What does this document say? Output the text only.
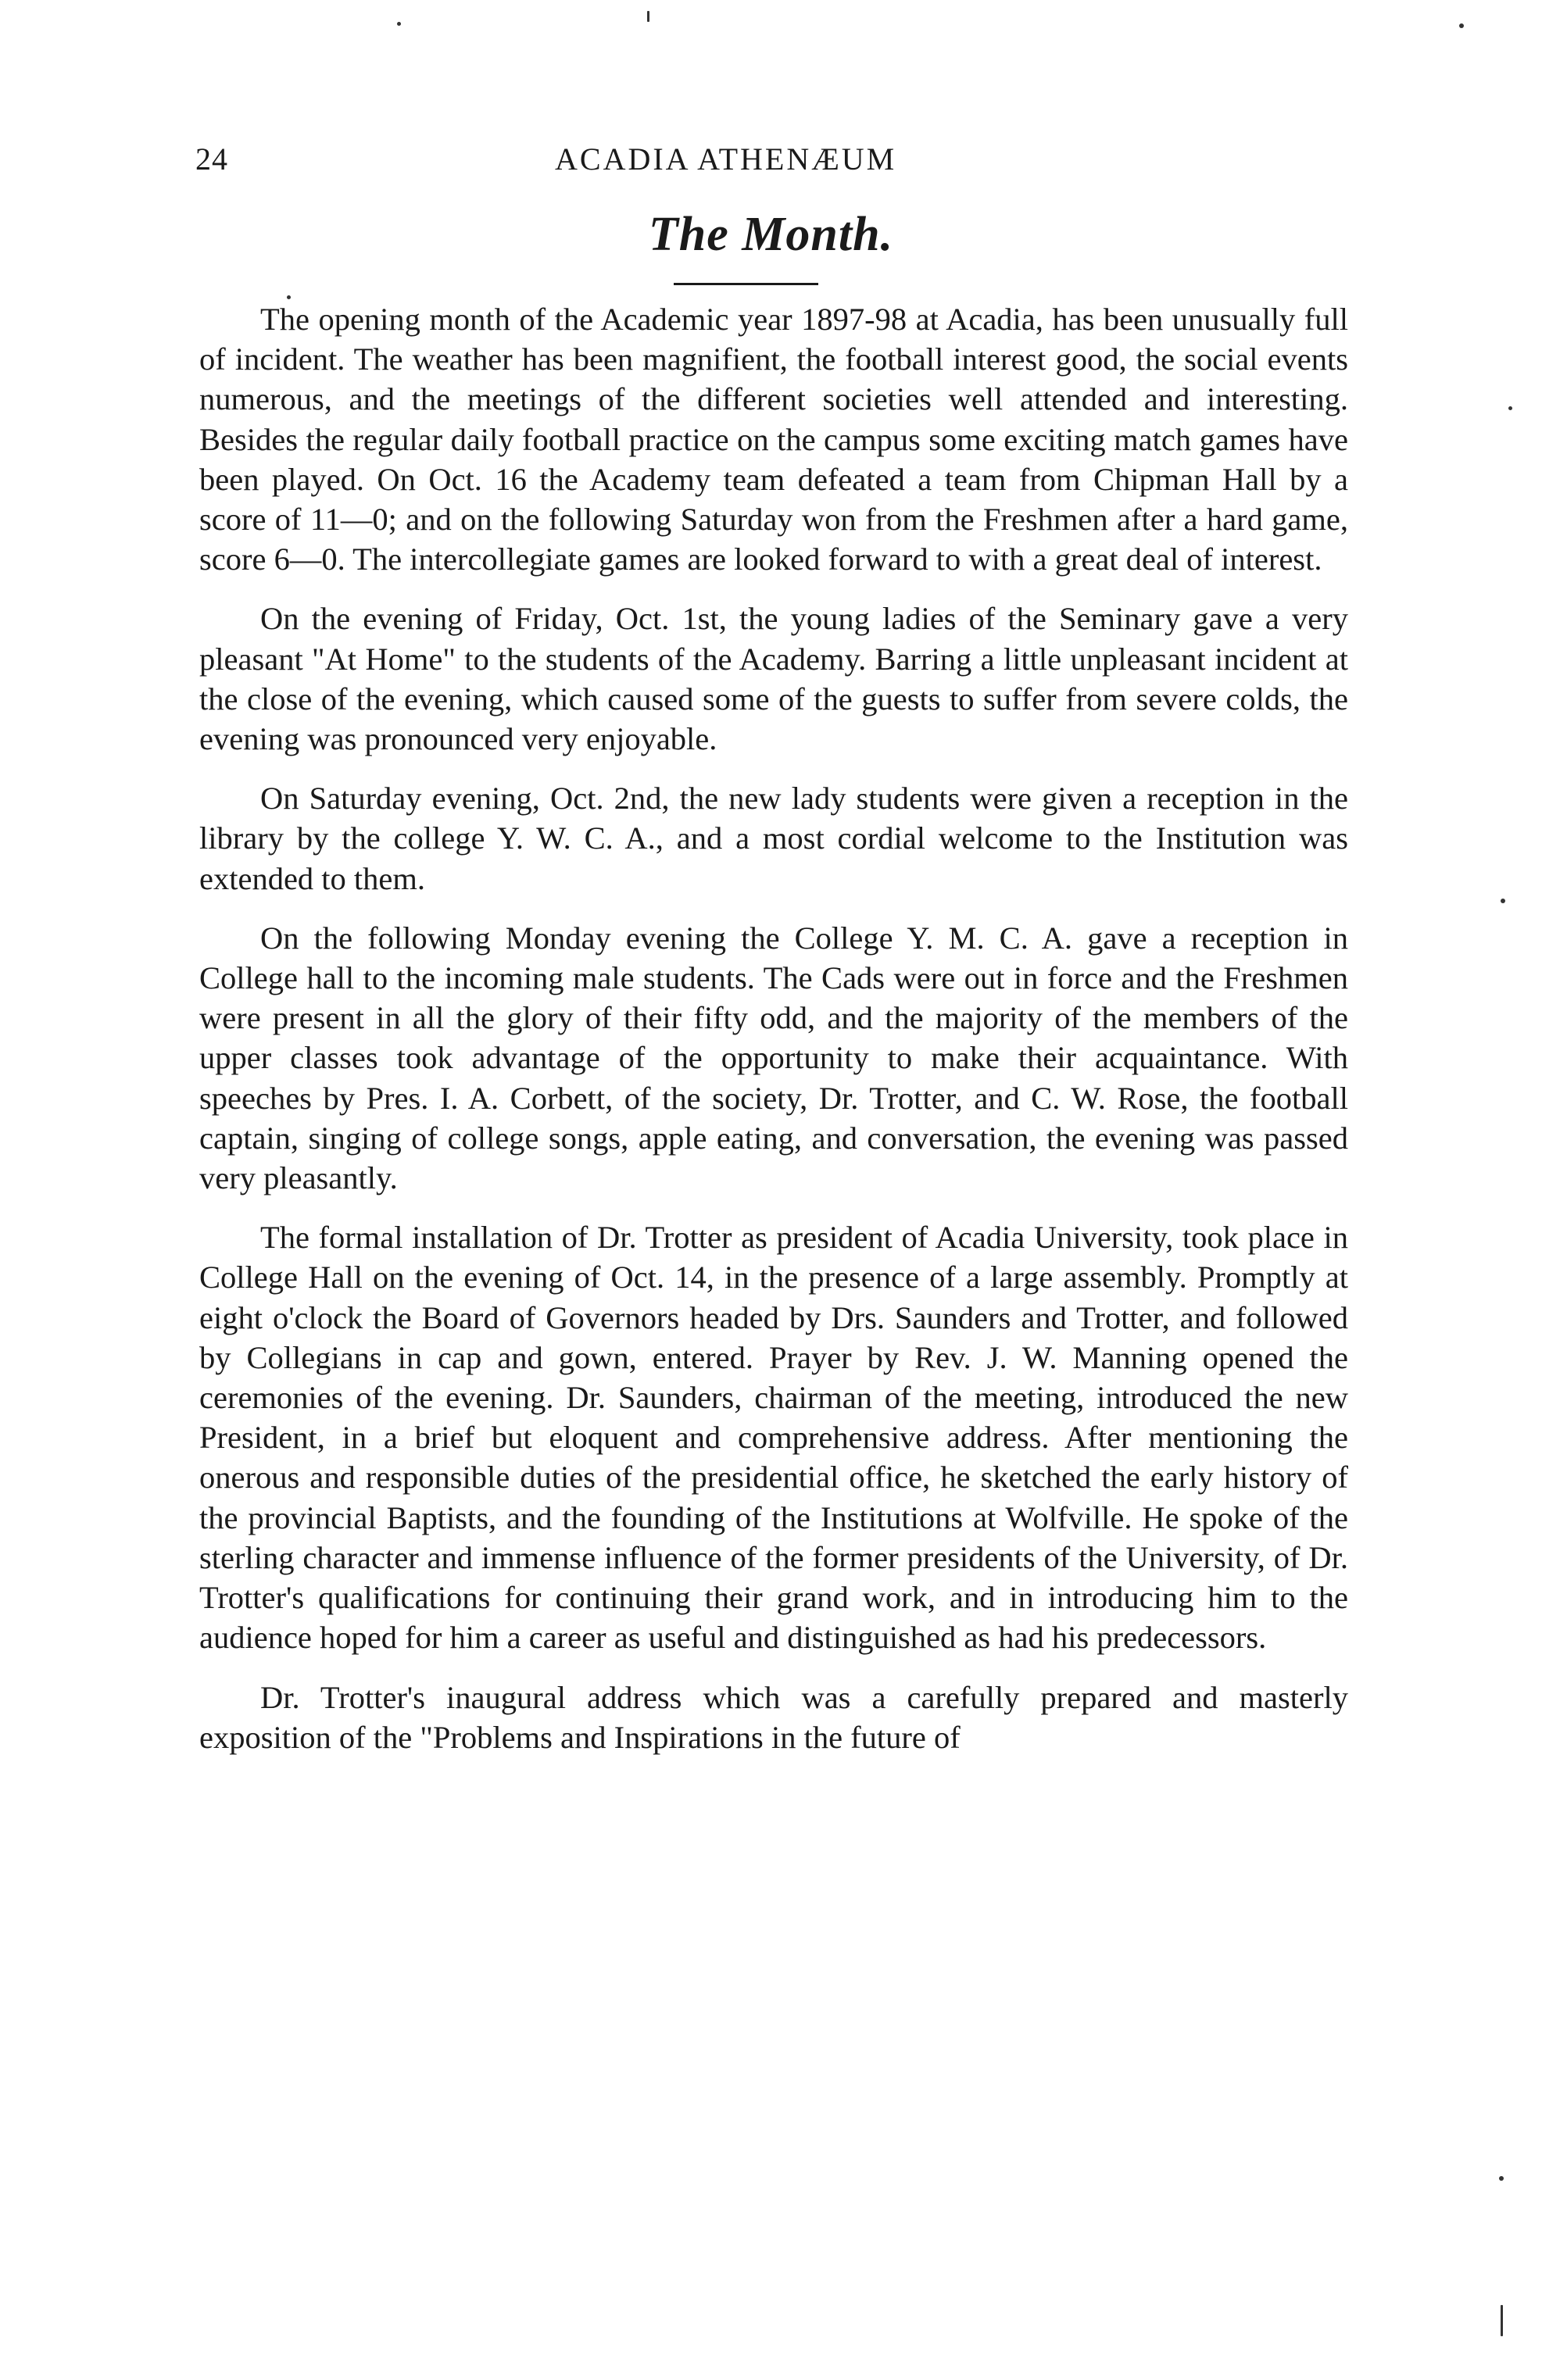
24	ACADIA ATHENÆUM
The Month.

The opening month of the Academic year 1897-98 at Acadia, has been unusually full of incident. The weather has been magnifient, the football interest good, the social events numerous, and the meetings of the different societies well attended and interesting. Besides the regular daily football practice on the campus some exciting match games have been played. On Oct. 16 the Academy team defeated a team from Chipman Hall by a score of 11—0; and on the following Saturday won from the Freshmen after a hard game, score 6—0. The intercollegiate games are looked forward to with a great deal of interest.

On the evening of Friday, Oct. 1st, the young ladies of the Seminary gave a very pleasant "At Home" to the students of the Academy. Barring a little unpleasant incident at the close of the evening, which caused some of the guests to suffer from severe colds, the evening was pronounced very enjoyable.

On Saturday evening, Oct. 2nd, the new lady students were given a reception in the library by the college Y. W. C. A., and a most cordial welcome to the Institution was extended to them.

On the following Monday evening the College Y. M. C. A. gave a reception in College hall to the incoming male students. The Cads were out in force and the Freshmen were present in all the glory of their fifty odd, and the majority of the members of the upper classes took advantage of the opportunity to make their acquaintance. With speeches by Pres. I. A. Corbett, of the society, Dr. Trotter, and C. W. Rose, the football captain, singing of college songs, apple eating, and conversation, the evening was passed very pleasantly.

The formal installation of Dr. Trotter as president of Acadia University, took place in College Hall on the evening of Oct. 14, in the presence of a large assembly. Promptly at eight o'clock the Board of Governors headed by Drs. Saunders and Trotter, and followed by Collegians in cap and gown, entered. Prayer by Rev. J. W. Manning opened the ceremonies of the evening. Dr. Saunders, chairman of the meeting, introduced the new President, in a brief but eloquent and comprehensive address. After mentioning the onerous and responsible duties of the presidential office, he sketched the early history of the provincial Baptists, and the founding of the Institutions at Wolfville. He spoke of the sterling character and immense influence of the former presidents of the University, of Dr. Trotter's qualifications for continuing their grand work, and in introducing him to the audience hoped for him a career as useful and distinguished as had his predecessors.

Dr. Trotter's inaugural address which was a carefully prepared and masterly exposition of the "Problems and Inspirations in the future of
